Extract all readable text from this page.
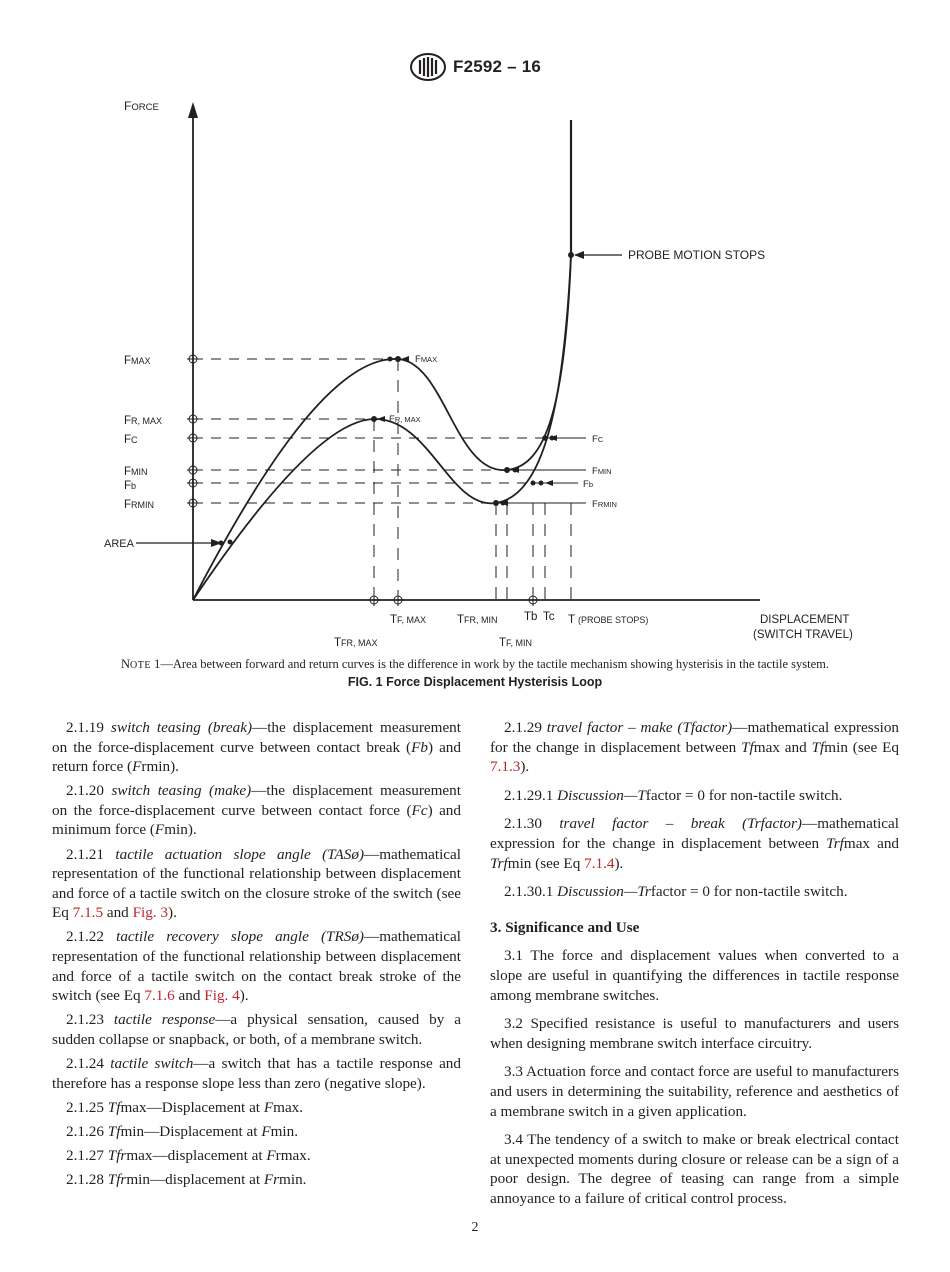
F2592 – 16
FORCE
DISPLACEMENT
(SWITCH TRAVEL)
PROBE MOTION STOPS
AREA
FMAX
FR, MAX
FC
FMIN
Fb
FRMIN
FMAX
FR, MAX
FC
FMIN
Fb
FRMIN
TF, MAX
TFR, MAX
TFR, MIN
TF, MIN
Tb Tc T (PROBE STOPS)
NOTE 1—Area between forward and return curves is the difference in work by the tactile mechanism showing hysterisis in the tactile system.
FIG. 1 Force Displacement Hysterisis Loop

2.1.19 switch teasing (break)—the displacement measurement on the force-displacement curve between contact break (Fb) and return force (Frmin).

2.1.20 switch teasing (make)—the displacement measurement on the force-displacement curve between contact force (Fc) and minimum force (Fmin).

2.1.21 tactile actuation slope angle (TASø)—mathematical representation of the functional relationship between displacement and force of a tactile switch on the closure stroke of the switch (see Eq 7.1.5 and Fig. 3).

2.1.22 tactile recovery slope angle (TRSø)—mathematical representation of the functional relationship between displacement and force of a tactile switch on the contact break stroke of the switch (see Eq 7.1.6 and Fig. 4).

2.1.23 tactile response—a physical sensation, caused by a sudden collapse or snapback, or both, of a membrane switch.

2.1.24 tactile switch—a switch that has a tactile response and therefore has a response slope less than zero (negative slope).

2.1.25 Tfmax—Displacement at Fmax.

2.1.26 Tfmin—Displacement at Fmin.

2.1.27 Tfrmax—displacement at Frmax.

2.1.28 Tfrmin—displacement at Frmin.

2.1.29 travel factor – make (Tfactor)—mathematical expression for the change in displacement between Tfmax and Tfmin (see Eq 7.1.3).

2.1.29.1 Discussion—Tfactor = 0 for non-tactile switch.

2.1.30 travel factor – break (Trfactor)—mathematical expression for the change in displacement between Trfmax and Trfmin (see Eq 7.1.4).

2.1.30.1 Discussion—Trfactor = 0 for non-tactile switch.

3. Significance and Use

3.1 The force and displacement values when converted to a slope are useful in quantifying the differences in tactile response among membrane switches.

3.2 Specified resistance is useful to manufacturers and users when designing membrane switch interface circuitry.

3.3 Actuation force and contact force are useful to manufacturers and users in determining the suitability, reference and aesthetics of a membrane switch in a given application.

3.4 The tendency of a switch to make or break electrical contact at unexpected moments during closure or release can be a sign of a poor design. The degree of teasing can range from a simple annoyance to a failure of critical control process.

2
